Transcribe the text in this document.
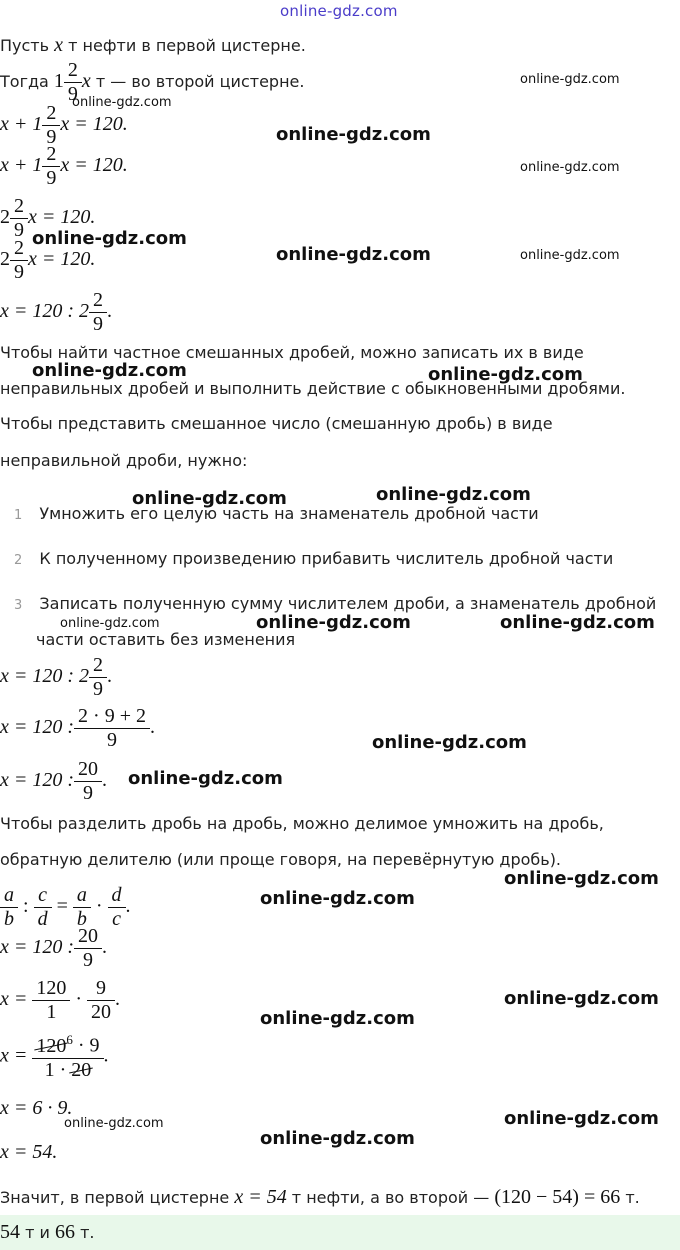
online-gdz.com
Пусть x т нефти в первой цистерне.
Тогда $1 \frac{2}{9}$ x т — во второй цистерне.
$x + 1 \frac{2}{9}$ x = 120.
$x + 1 \frac{2}{9}$ x = 120.
$2 \frac{2}{9}$ x = 120.
$2 \frac{2}{9}$ x = 120.
x = 120 : $2 \frac{2}{9}$ .
Чтобы найти частное смешанных дробей, можно записать их в виде
неправильных дробей и выполнить действие с обыкновенными дробями.
Чтобы представить смешанное число (смешанную дробь) в виде
неправильной дроби, нужно:
1 Умножить его целую часть на знаменатель дробной части
2 К полученному произведению прибавить числитель дробной части
3 Записать полученную сумму числителем дроби, а знаменатель дробной
части оставить без изменения
x = 120 : $2 \frac{2}{9}$ .
x = 120 : $\frac{2 \cdot 9 + 2}{9}$ .
x = 120 : $\frac{20}{9}$ .
Чтобы разделить дробь на дробь, можно делимое умножить на дробь,
обратную делителю (или проще говоря, на перевёрнутую дробь).
$\frac{a}{b}$ : $\frac{c}{d} = \frac{a}{b} \cdot \frac{d}{c}$ .
x = 120 : $\frac{20}{9}$ .
$x = \frac{120}{1} \cdot \frac{9}{20}$ .
$x = \frac{120^6 \cdot 9}{1 \cdot 20}$ .
x = 6 · 9.
x = 54.
Значит, в первой цистерне x = 54 т нефти, а во второй — (120 − 54) = 66 т.
54 т и 66 т.
online-gdz.com
online-gdz.com
online-gdz.com
online-gdz.com
online-gdz.com
online-gdz.com	online-gdz.com
online-gdz.com	online-gdz.com
online-gdz.com	online-gdz.com
online-gdz.com	online-gdz.com	online-gdz.com
online-gdz.com
online-gdz.com
online-gdz.com
online-gdz.com
online-gdz.com
online-gdz.com
online-gdz.com
online-gdz.com
online-gdz.com
